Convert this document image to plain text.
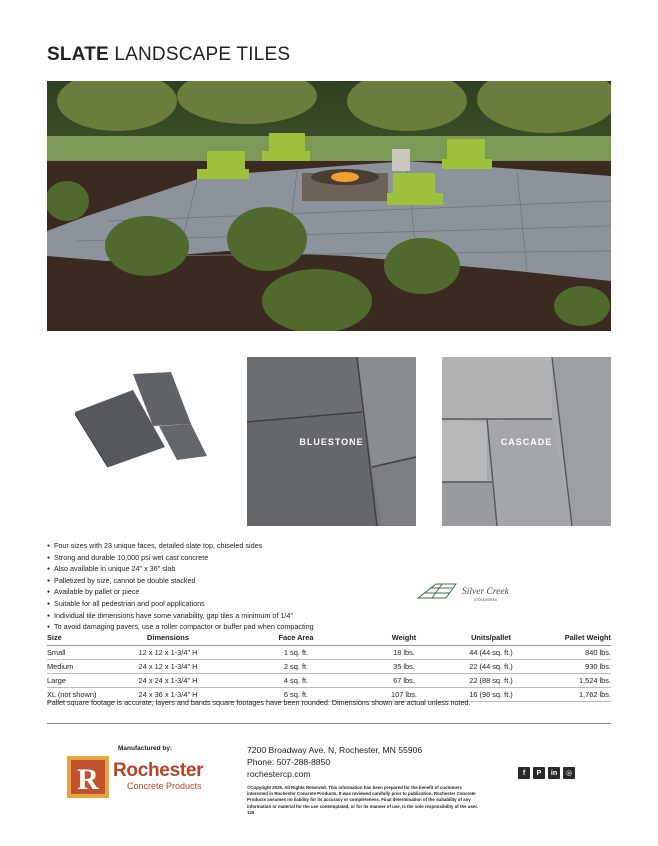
SLATE LANDSCAPE TILES
BLUESTONE	CASCADE
● Four sizes with 23 unique faces, detailed slate top, chiseled sides
● Strong and durable 10,000 psi wet cast concrete
● Also available in unique 24" x 36" slab
● Palletized by size, cannot be double stacked
● Available by pallet or piece
● Suitable for all pedestrian and pool applications
● Individual tile dimensions have some variability, gap tiles a minimum of 1/4"
● To avoid damaging pavers, use a roller compactor or buffer pad when compacting
Silver Creek
STONEWORKS
Size	Dimensions	Face Area	Weight	Units/pallet	Pallet Weight
Small	12 x 12 x 1-3/4" H	1 sq. ft.	18 lbs.	44 (44 sq. ft.)	840 lbs.
Medium	24 x 12 x 1-3/4" H	2 sq. ft.	35 lbs.	22 (44 sq. ft.)	930 lbs.
Large	24 x 24 x 1-3/4" H	4 sq. ft.	67 lbs.	22 (88 sq. ft.)	1,524 lbs.
XL (not shown)	24 x 36 x 1-3/4" H	6 sq. ft.	107 lbs.	16 (96 sq. ft.)	1,762 lbs.
Pallet square footage is accurate, layers and bands square footages have been rounded. Dimensions shown are actual unless noted.
Manufactured by:
R Rochester
Concrete Products
7200 Broadway Ave. N, Rochester, MN 55906
Phone: 507-288-8850
rochestercp.com
©Copyright 2025. All Rights Reserved. This information has been prepared for the benefit of customers interested in Rochester Concrete Products. It was reviewed carefully prior to publication. Rochester Concrete Products assumes no liability for its accuracy or completeness. Final determination of the suitability of any information or material for the use contemplated, or for its manner of use, is the sole responsibility of the user. 125
f	P	in	◎
